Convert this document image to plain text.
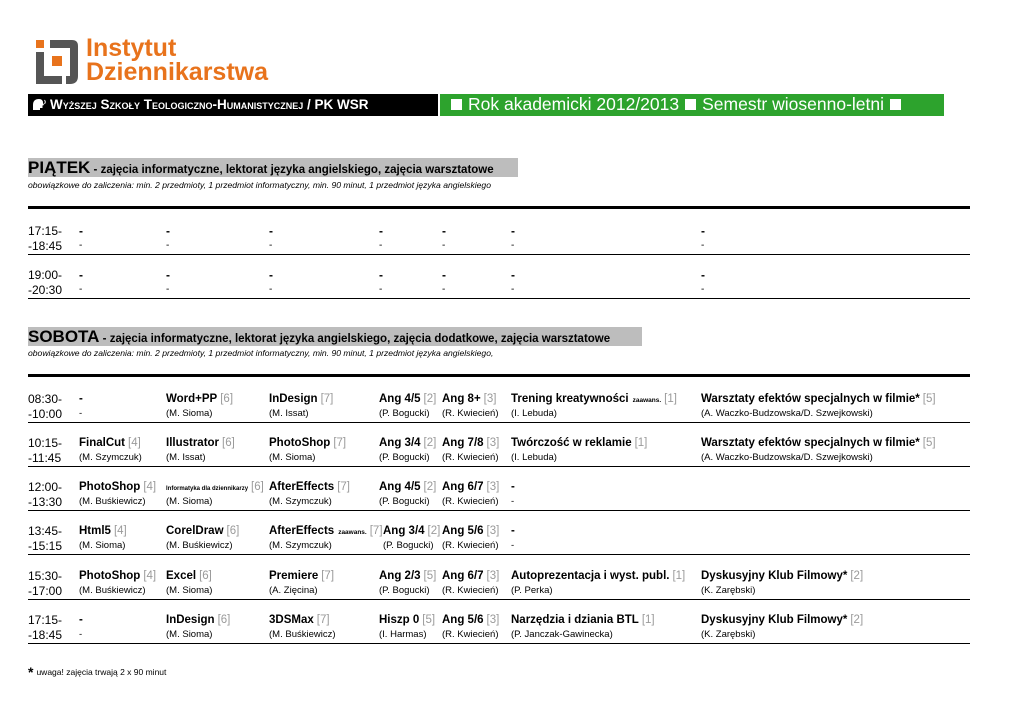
Instytut
Dziennikarstwa
Wyższej Szkoły Teologiczno-Humanistycznej / PK WSR	Rok akademicki 2012/2013 Semestr wiosenno-letni
PIĄTEK - zajęcia informatyczne, lektorat języka angielskiego, zajęcia warsztatowe
obowiązkowe do zaliczenia: min. 2 przedmioty, 1 przedmiot informatyczny, min. 90 minut, 1 przedmiot języka angielskiego
SOBOTA - zajęcia informatyczne, lektorat języka angielskiego, zajęcia dodatkowe, zajęcia warsztatowe
obowiązkowe do zaliczenia: min. 2 przedmioty, 1 przedmiot informatyczny, min. 90 minut, 1 przedmiot języka angielskiego,
* uwaga! zajęcia trwają 2 x 90 minut
17:15-
-18:45
-
-
-
-
-
-
-
-
-
-
-
-
-
-
19:00-
-20:30
-
-
-
-
-
-
-
-
-
-
-
-
-
-
08:30-
-10:00
-
-
Word+PP [6]
(M. Sioma)
InDesign [7]
(M. Issat)
Ang 4/5 [2]
(P. Bogucki)
Ang 8+ [3]
(R. Kwiecień)
Trening kreatywności zaawans. [1]
(I. Lebuda)
Warsztaty efektów specjalnych w filmie* [5]
(A. Waczko-Budzowska/D. Szwejkowski)
10:15-
-11:45
FinalCut [4]
(M. Szymczuk)
Illustrator [6]
(M. Issat)
PhotoShop [7]
(M. Sioma)
Ang 3/4 [2]
(P. Bogucki)
Ang 7/8 [3]
(R. Kwiecień)
Twórczość w reklamie [1]
(I. Lebuda)
Warsztaty efektów specjalnych w filmie* [5]
(A. Waczko-Budzowska/D. Szwejkowski)
12:00-
-13:30
PhotoShop [4]
(M. Buśkiewicz)
Informatyka dla dziennikarzy [6]
(M. Sioma)
AfterEffects [7]
(M. Szymczuk)
Ang 4/5 [2]
(P. Bogucki)
Ang 6/7 [3]
(R. Kwiecień)
-
-
13:45-
-15:15
Html5 [4]
(M. Sioma)
CorelDraw [6]
(M. Buśkiewicz)
AfterEffects zaawans. [7]
(M. Szymczuk)
Ang 3/4 [2]
(P. Bogucki)
Ang 5/6 [3]
(R. Kwiecień)
-
-
15:30-
-17:00
PhotoShop [4]
(M. Buśkiewicz)
Excel [6]
(M. Sioma)
Premiere [7]
(A. Zięcina)
Ang 2/3 [5]
(P. Bogucki)
Ang 6/7 [3]
(R. Kwiecień)
Autoprezentacja i wyst. publ. [1]
(P. Perka)
Dyskusyjny Klub Filmowy* [2]
(K. Zarębski)
17:15-
-18:45
-
-
InDesign [6]
(M. Sioma)
3DSMax [7]
(M. Buśkiewicz)
Hiszp 0 [5]
(I. Harmas)
Ang 5/6 [3]
(R. Kwiecień)
Narzędzia i dziania BTL [1]
(P. Janczak-Gawinecka)
Dyskusyjny Klub Filmowy* [2]
(K. Zarębski)
